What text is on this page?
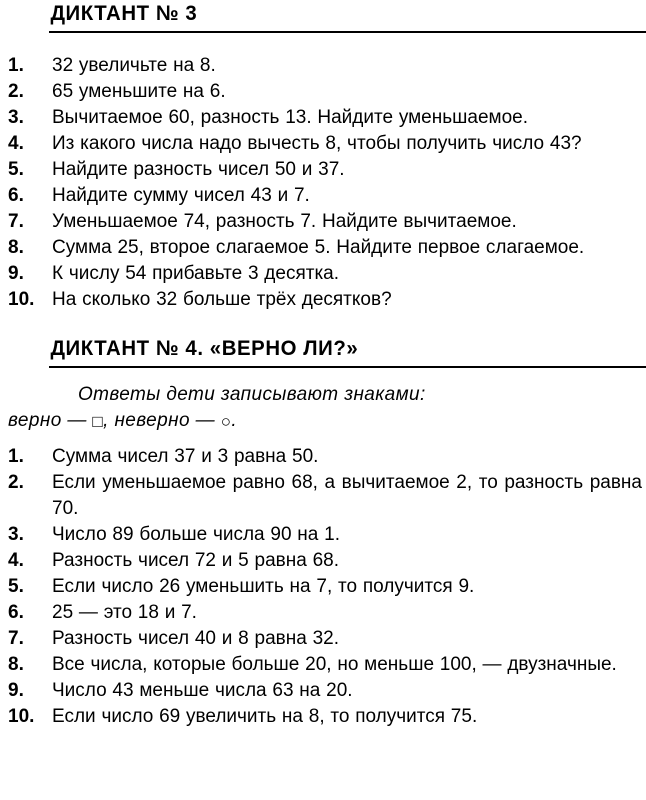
ДИКТАНТ № 3
1. 32 увеличьте на 8.
2. 65 уменьшите на 6.
3. Вычитаемое 60, разность 13. Найдите уменьшаемое.
4. Из какого числа надо вычесть 8, чтобы получить число 43?
5. Найдите разность чисел 50 и 37.
6. Найдите сумму чисел 43 и 7.
7. Уменьшаемое 74, разность 7. Найдите вычитаемое.
8. Сумма 25, второе слагаемое 5. Найдите первое слагаемое.
9. К числу 54 прибавьте 3 десятка.
10. На сколько 32 больше трёх десятков?
ДИКТАНТ № 4. «ВЕРНО ЛИ?»
Ответы дети записывают знаками:
верно — □, неверно — ○.
1. Сумма чисел 37 и 3 равна 50.
2. Если уменьшаемое равно 68, а вычитаемое 2, то разность равна 70.
3. Число 89 больше числа 90 на 1.
4. Разность чисел 72 и 5 равна 68.
5. Если число 26 уменьшить на 7, то получится 9.
6. 25 — это 18 и 7.
7. Разность чисел 40 и 8 равна 32.
8. Все числа, которые больше 20, но меньше 100, — двузначные.
9. Число 43 меньше числа 63 на 20.
10. Если число 69 увеличить на 8, то получится 75.
